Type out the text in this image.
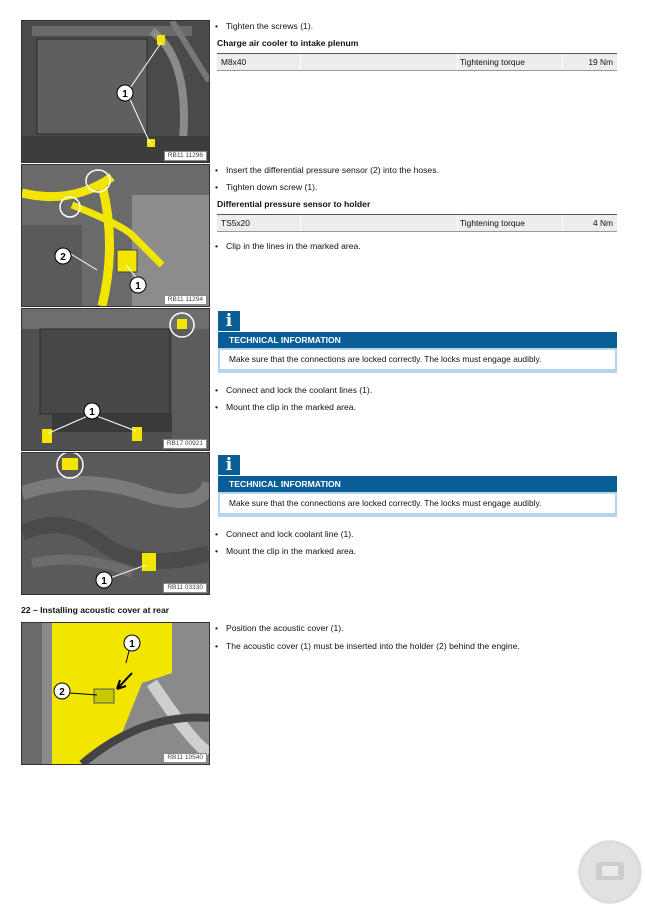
1
RB11 11296
• Tighten the screws (1).
Charge air cooler to intake plenum
M8x40	Tightening torque	19 Nm
2
1
RB11 11294
• Insert the differential pressure sensor (2) into the hoses.
• Tighten down screw (1).
Differential pressure sensor to holder
TS5x20	Tightening torque	4 Nm
• Clip in the lines in the marked area.
1
RB17 00921
i
TECHNICAL INFORMATION
Make sure that the connections are locked correctly. The locks must engage audibly.
• Connect and lock the coolant lines (1).
• Mount the clip in the marked area.
1
RB11 03330
i
TECHNICAL INFORMATION
Make sure that the connections are locked correctly. The locks must engage audibly.
• Connect and lock coolant line (1).
• Mount the clip in the marked area.
22 – Installing acoustic cover at rear
1
2
RB11 10540
• Position the acoustic cover (1).
• The acoustic cover (1) must be inserted into the holder (2) behind the engine.
